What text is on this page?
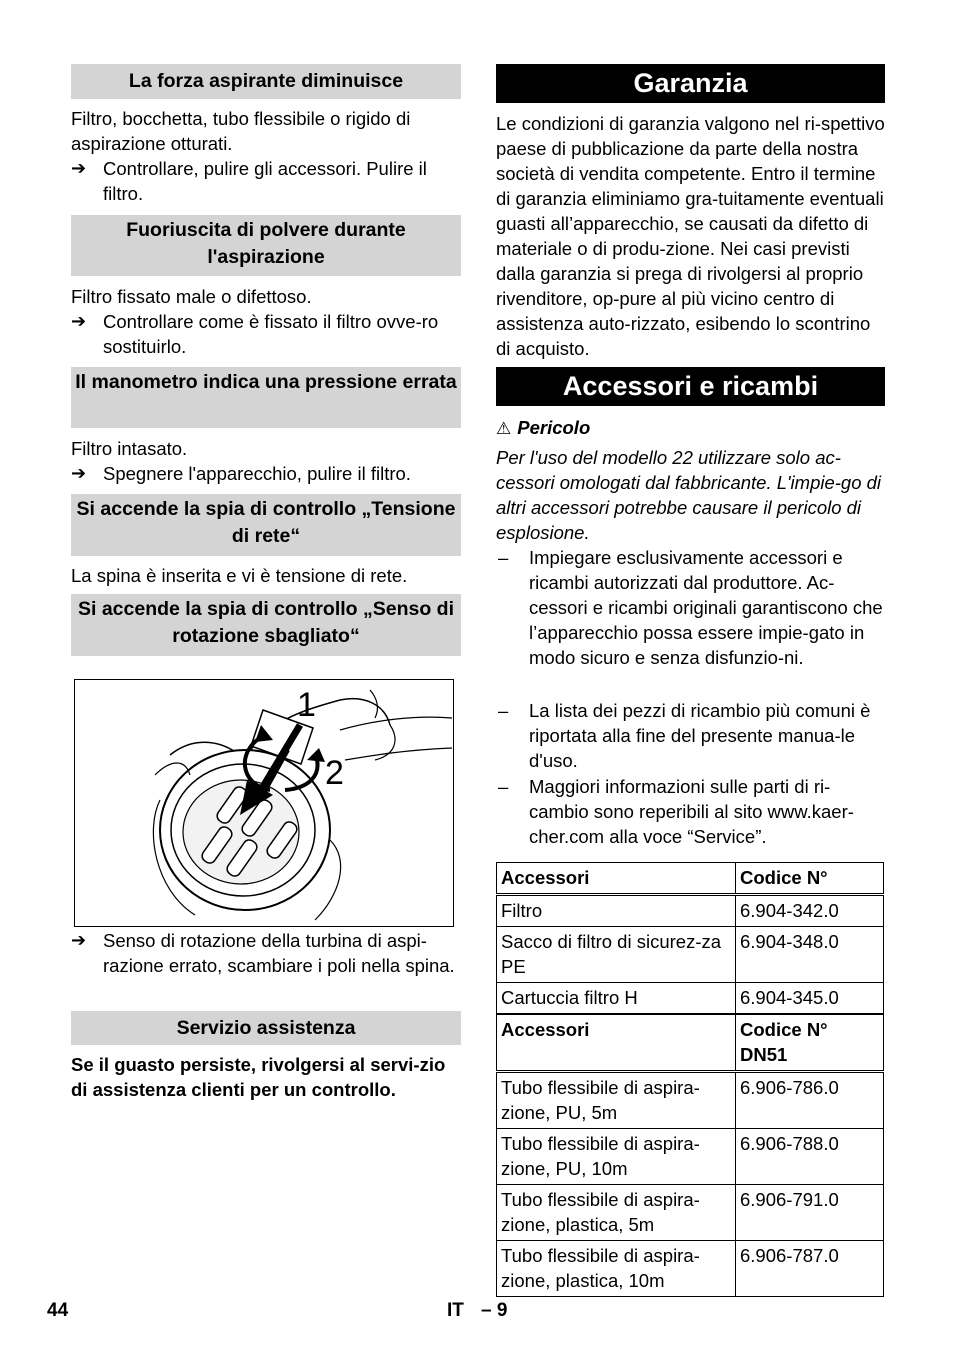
La forza aspirante diminuisce

Filtro, bocchetta, tubo flessibile o rigido di aspirazione otturati.

➔ Controllare, pulire gli accessori. Pulire il filtro.
Fuoriuscita di polvere durante l'aspirazione

Filtro fissato male o difettoso.

➔ Controllare come è fissato il filtro ovve-ro sostituirlo.
Il manometro indica una pressione errata

Filtro intasato.

➔ Spegnere l'apparecchio, pulire il filtro.
Si accende la spia di controllo „Tensione di rete“

La spina è inserita e vi è tensione di rete.

Si accende la spia di controllo „Senso di rotazione sbagliato“
1
2
➔ Senso di rotazione della turbina di aspi-razione errato, scambiare i poli nella spina.
Servizio assistenza

Se il guasto persiste, rivolgersi al servi-zio di assistenza clienti per un controllo.

Garanzia

Le condizioni di garanzia valgono nel ri-spettivo paese di pubblicazione da parte della nostra società di vendita competente. Entro il termine di garanzia eliminiamo gra-tuitamente eventuali guasti all’apparecchio, se causati da difetto di materiale o di produ-zione. Nei casi previsti dalla garanzia si prega di rivolgersi al proprio rivenditore, op-pure al più vicino centro di assistenza auto-rizzato, esibendo lo scontrino di acquisto.

Accessori e ricambi
⚠ Pericolo

Per l'uso del modello 22 utilizzare solo ac-cessori omologati dal fabbricante. L'impie-go di altri accessori potrebbe causare il pericolo di esplosione.

– Impiegare esclusivamente accessori e ricambi autorizzati dal produttore. Ac-cessori e ricambi originali garantiscono che l’apparecchio possa essere impie-gato in modo sicuro e senza disfunzio-ni.
– La lista dei pezzi di ricambio più comuni è riportata alla fine del presente manua-le d'uso.
– Maggiori informazioni sulle parti di ri-cambio sono reperibili al sito www.kaer-cher.com alla voce “Service”.
Accessori	Codice N°
Filtro	6.904-342.0
Sacco di filtro di sicurez-za PE	6.904-348.0
Cartuccia filtro H	6.904-345.0
Accessori	Codice N° DN51
Tubo flessibile di aspira-zione, PU, 5m	6.906-786.0
Tubo flessibile di aspira-zione, PU, 10m	6.906-788.0
Tubo flessibile di aspira-zione, plastica, 5m	6.906-791.0
Tubo flessibile di aspira-zione, plastica, 10m	6.906-787.0
44	IT – 9
